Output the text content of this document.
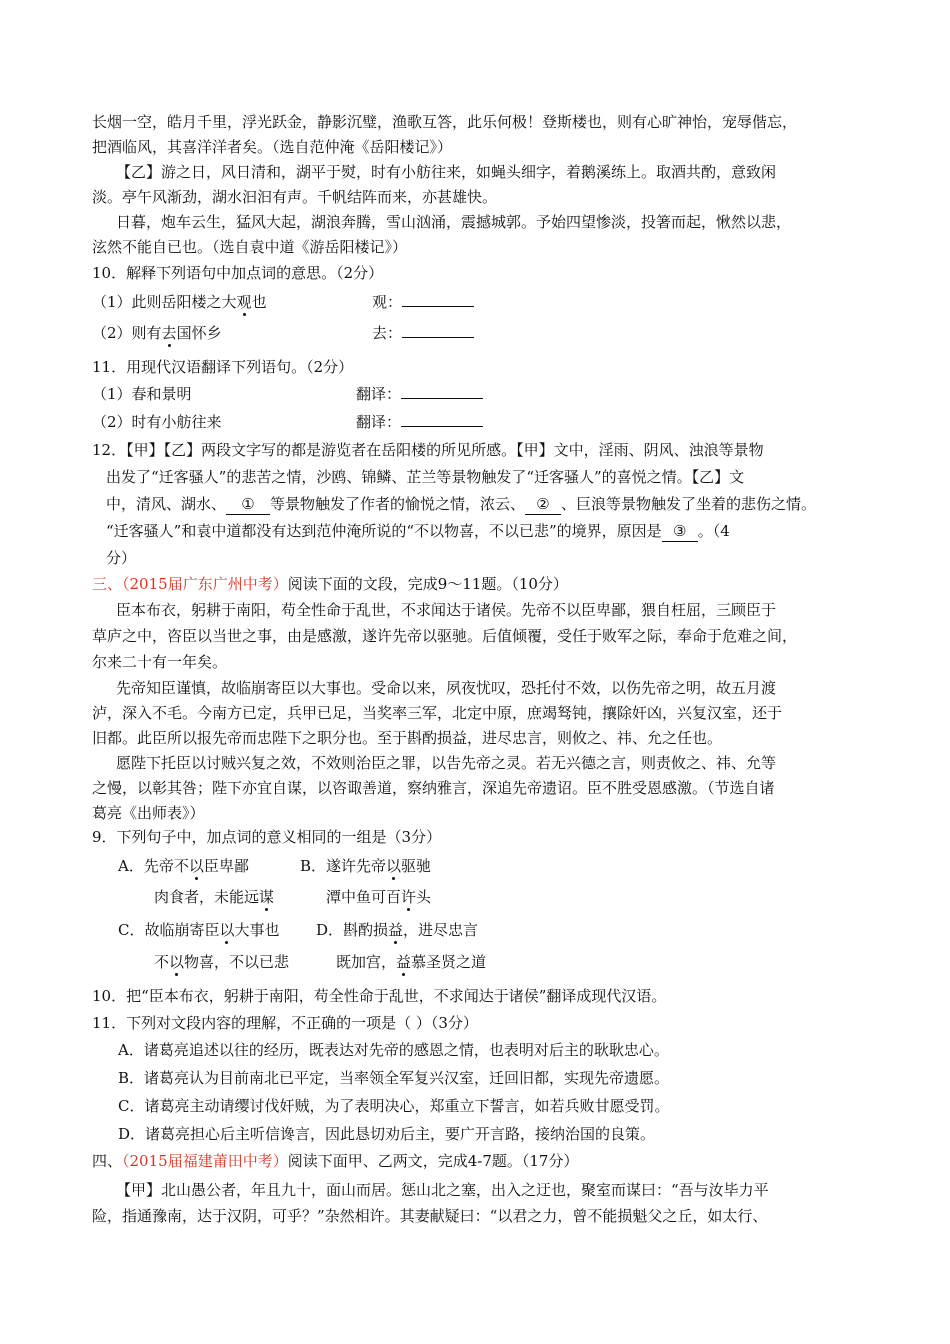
长烟一空，皓月千里，浮光跃金，静影沉璧，渔歌互答，此乐何极！登斯楼也，则有心旷神怡，宠辱偕忘，
把酒临风，其喜洋洋者矣。（选自范仲淹《岳阳楼记》）
【乙】游之日，风日清和，湖平于熨，时有小舫往来，如蝇头细字，着鹅溪练上。取酒共酌，意致闲
淡。亭午风渐劲，湖水汩汩有声。千帆结阵而来，亦甚雄快。
日暮，炮车云生，猛风大起，湖浪奔腾，雪山汹涌，震撼城郭。予始四望惨淡，投箸而起，愀然以悲，
泫然不能自已也。（选自袁中道《游岳阳楼记》）
10．解释下列语句中加点词的意思。（2分）
（1）此则岳阳楼之大观也	观：
（2）则有去国怀乡	去：
11．用现代汉语翻译下列语句。（2分）
（1）春和景明	翻译：
（2）时有小舫往来	翻译：
12．【甲】【乙】两段文字写的都是游览者在岳阳楼的所见所感。【甲】文中，淫雨、阴风、浊浪等景物
出发了“迁客骚人”的悲苦之情，沙鸥、锦鳞、芷兰等景物触发了“迁客骚人”的喜悦之情。【乙】文
中，清风、湖水、 ① 等景物触发了作者的愉悦之情，浓云、 ② 、巨浪等景物触发了坐着的悲伤之情。
“迁客骚人”和袁中道都没有达到范仲淹所说的“不以物喜，不以已悲”的境界，原因是 ③ 。（4
分）
三、（2015届广东广州中考）阅读下面的文段，完成9～11题。（10分）
臣本布衣，躬耕于南阳，苟全性命于乱世，不求闻达于诸侯。先帝不以臣卑鄙，猥自枉屈，三顾臣于
草庐之中，咨臣以当世之事，由是感激，遂许先帝以驱驰。后值倾覆，受任于败军之际，奉命于危难之间，
尔来二十有一年矣。
先帝知臣谨慎，故临崩寄臣以大事也。受命以来，夙夜忧叹，恐托付不效，以伤先帝之明，故五月渡
泸，深入不毛。今南方已定，兵甲已足，当奖率三军，北定中原，庶竭驽钝，攘除奸凶，兴复汉室，还于
旧都。此臣所以报先帝而忠陛下之职分也。至于斟酌损益，进尽忠言，则攸之、祎、允之任也。
愿陛下托臣以讨贼兴复之效，不效则治臣之罪，以告先帝之灵。若无兴德之言，则责攸之、祎、允等
之慢，以彰其咎；陛下亦宜自谋，以咨诹善道，察纳雅言，深追先帝遗诏。臣不胜受恩感激。（节选自诸
葛亮《出师表》）
9．下列句子中，加点词的意义相同的一组是（3分）
A．先帝不以臣卑鄙	B．遂许先帝以驱驰
肉食者，未能远谋	潭中鱼可百许头
C．故临崩寄臣以大事也 D．斟酌损益，进尽忠言
不以物喜，不以已悲	既加宫，益慕圣贤之道
10．把“臣本布衣，躬耕于南阳，苟全性命于乱世，不求闻达于诸侯”翻译成现代汉语。
11．下列对文段内容的理解，不正确的一项是（ ）（3分）
A．诸葛亮追述以往的经历，既表达对先帝的感恩之情，也表明对后主的耿耿忠心。
B．诸葛亮认为目前南北已平定，当率领全军复兴汉室，迁回旧都，实现先帝遗愿。
C．诸葛亮主动请缨讨伐奸贼，为了表明决心，郑重立下誓言，如若兵败甘愿受罚。
D．诸葛亮担心后主听信谗言，因此恳切劝后主，要广开言路，接纳治国的良策。
四、（2015届福建莆田中考）阅读下面甲、乙两文，完成4-7题。（17分）
【甲】北山愚公者，年且九十，面山而居。惩山北之塞，出入之迂也，聚室而谋曰：“吾与汝毕力平
险，指通豫南，达于汉阴，可乎？”杂然相许。其妻献疑曰：“以君之力，曾不能损魁父之丘，如太行、
